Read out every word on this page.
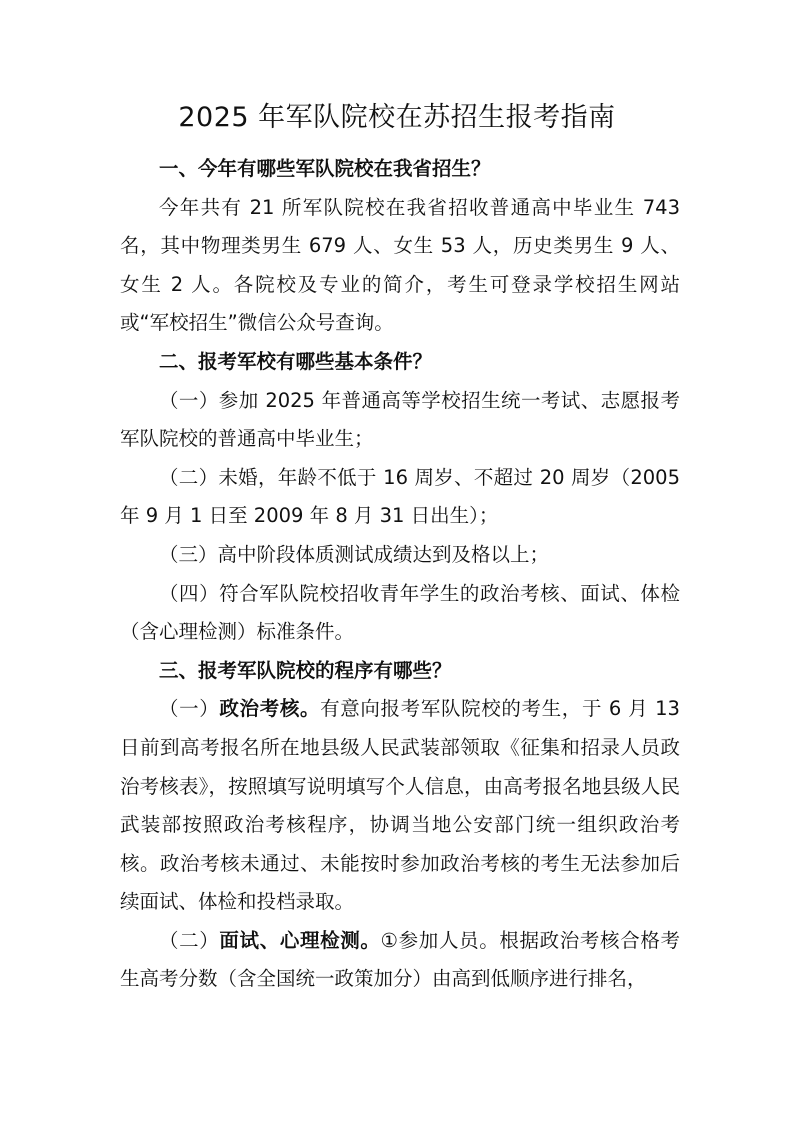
2025 年军队院校在苏招生报考指南

一、今年有哪些军队院校在我省招生？

今年共有 21 所军队院校在我省招收普通高中毕业生 743 名，其中物理类男生 679 人、女生 53 人，历史类男生 9 人、女生 2 人。各院校及专业的简介，考生可登录学校招生网站或“军校招生”微信公众号查询。

二、报考军校有哪些基本条件？

（一）参加 2025 年普通高等学校招生统一考试、志愿报考军队院校的普通高中毕业生；

（二）未婚，年龄不低于 16 周岁、不超过 20 周岁（2005 年 9 月 1 日至 2009 年 8 月 31 日出生）；

（三）高中阶段体质测试成绩达到及格以上；

（四）符合军队院校招收青年学生的政治考核、面试、体检（含心理检测）标准条件。

三、报考军队院校的程序有哪些？

（一）政治考核。有意向报考军队院校的考生，于 6 月 13 日前到高考报名所在地县级人民武装部领取《征集和招录人员政治考核表》，按照填写说明填写个人信息，由高考报名地县级人民武装部按照政治考核程序，协调当地公安部门统一组织政治考核。政治考核未通过、未能按时参加政治考核的考生无法参加后续面试、体检和投档录取。

（二）面试、心理检测。①参加人员。根据政治考核合格考生高考分数（含全国统一政策加分）由高到低顺序进行排名，
